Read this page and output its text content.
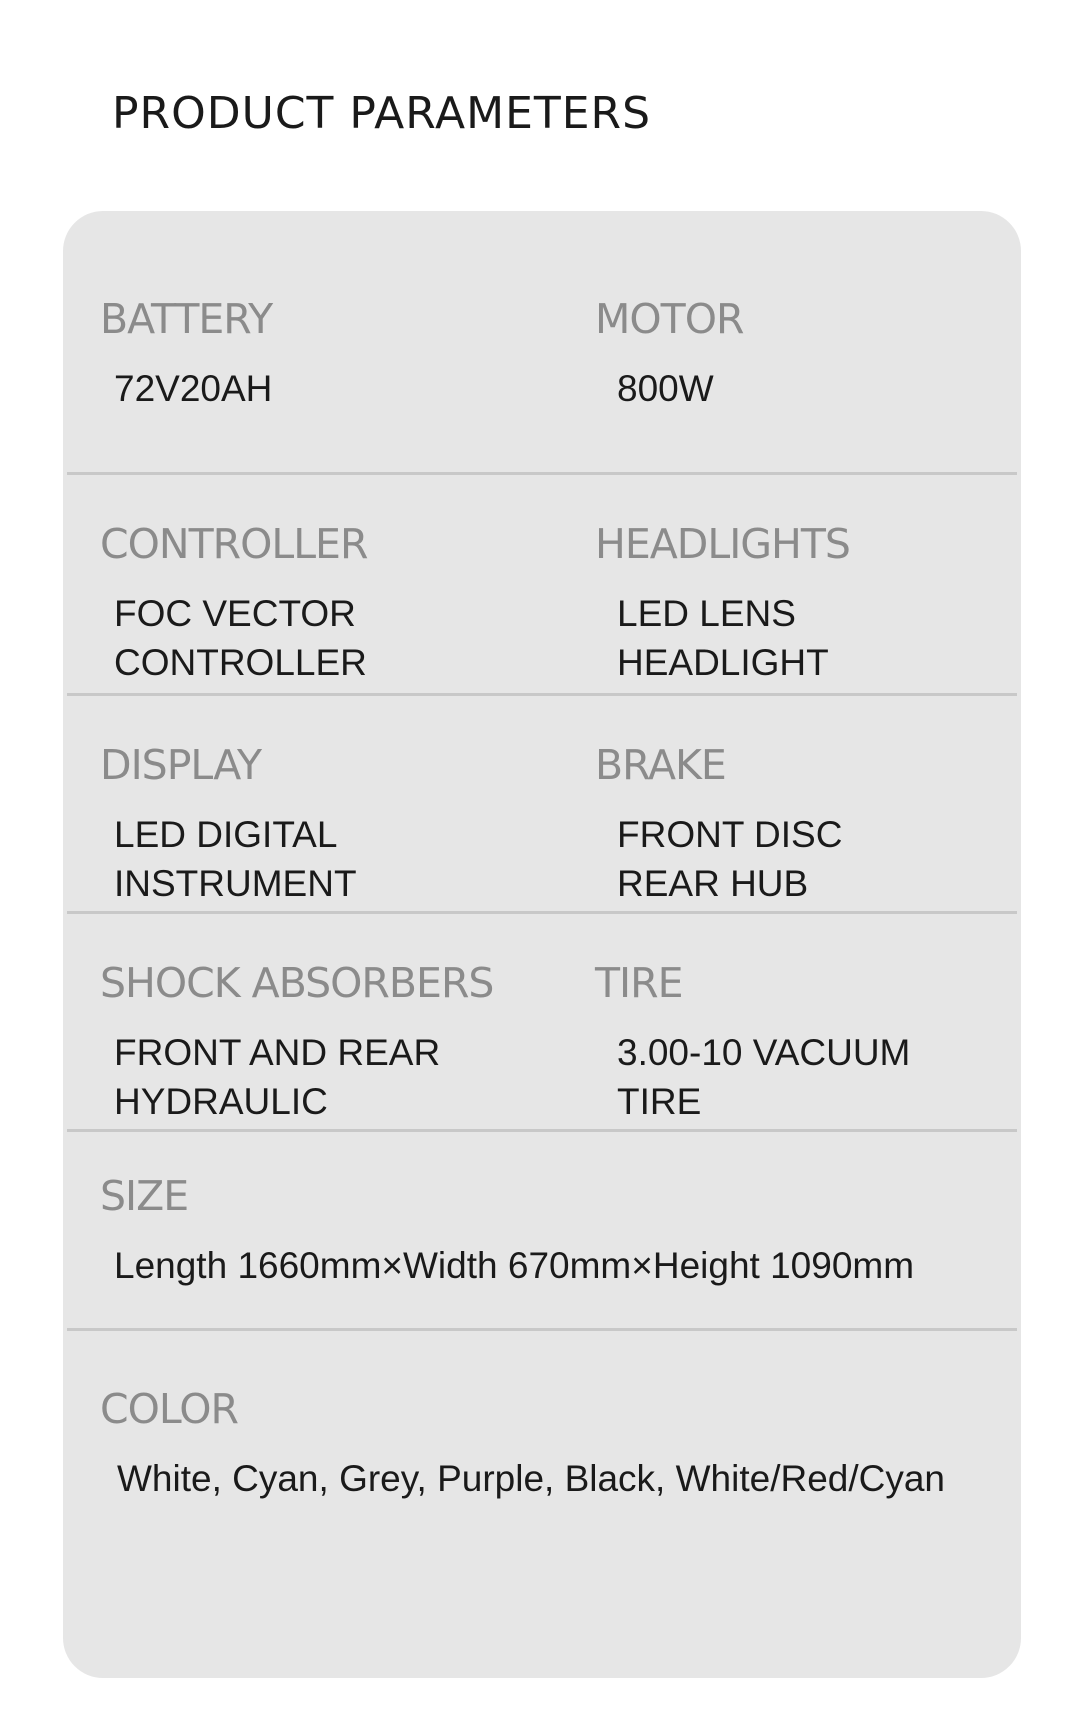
PRODUCT PARAMETERS
BATTERY
72V20AH
MOTOR
800W
CONTROLLER
FOC VECTOR
CONTROLLER
HEADLIGHTS
LED LENS
HEADLIGHT
DISPLAY
LED DIGITAL
INSTRUMENT
BRAKE
FRONT DISC
REAR HUB
SHOCK ABSORBERS
FRONT AND REAR
HYDRAULIC
TIRE
3.00-10 VACUUM
TIRE
SIZE
Length 1660mm×Width 670mm×Height 1090mm
COLOR
White, Cyan, Grey, Purple, Black, White/Red/Cyan
